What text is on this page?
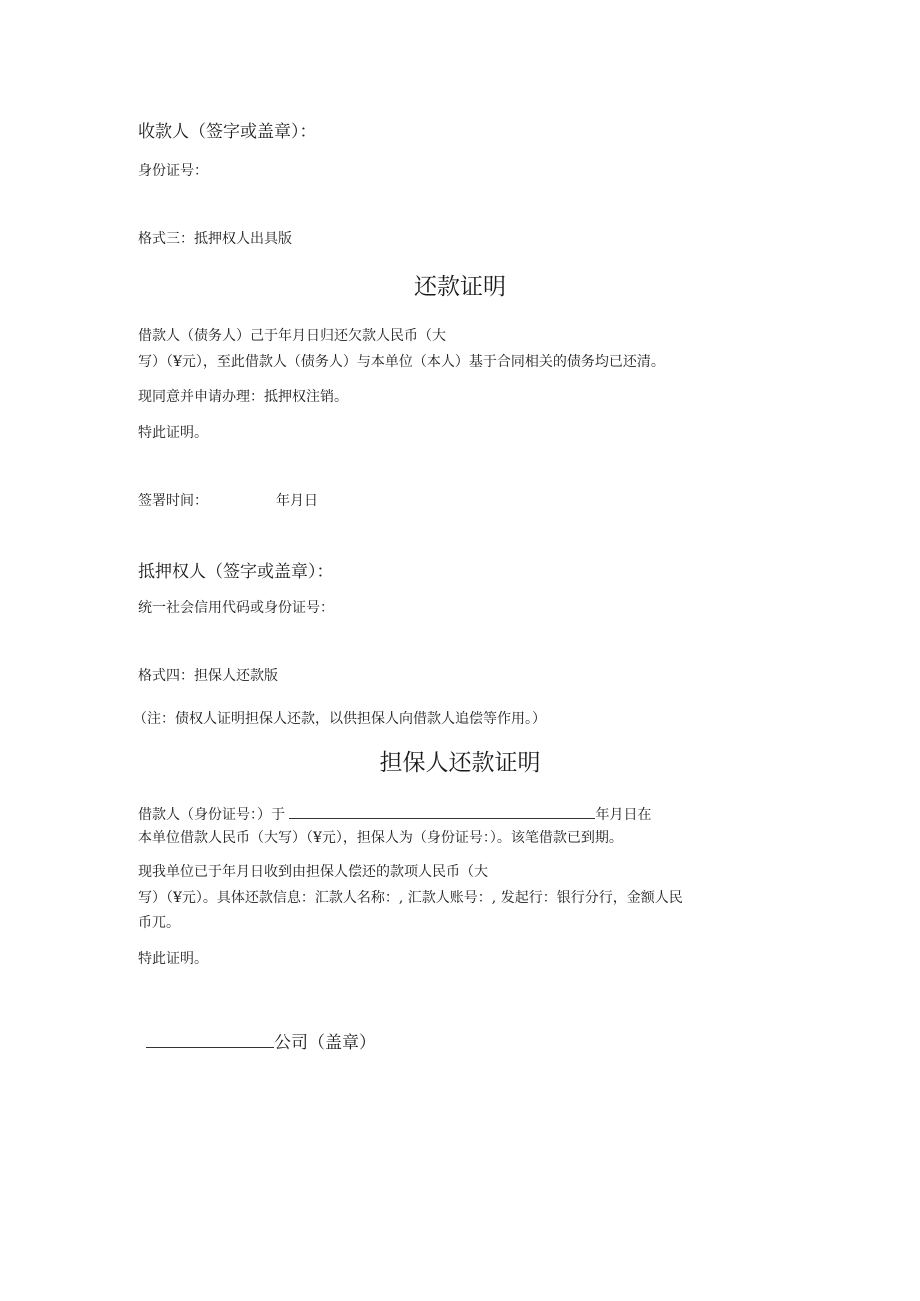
收款人（签字或盖章）：
身份证号：
格式三：抵押权人出具版
还款证明
借款人（债务人）己于年月日归还欠款人民币（大
写）（¥元），至此借款人（债务人）与本单位（本人）基于合同相关的债务均已还清。
现同意并申请办理：抵押权注销。
特此证明。
签署时间：	年月日
抵押权人（签字或盖章）：
统一社会信用代码或身份证号：
格式四：担保人还款版
（注：债权人证明担保人还款，以供担保人向借款人追偿等作用。）
担保人还款证明
借款人（身份证号：）于	年月日在
本单位借款人民币（大写）（¥元），担保人为（身份证号：）。该笔借款已到期。
现我单位已于年月日收到由担保人偿还的款项人民币（大
写）（¥元）。具体还款信息：汇款人名称：, 汇款人账号：, 发起行：银行分行，金额人民
币兀。
特此证明。
公司（盖章）
